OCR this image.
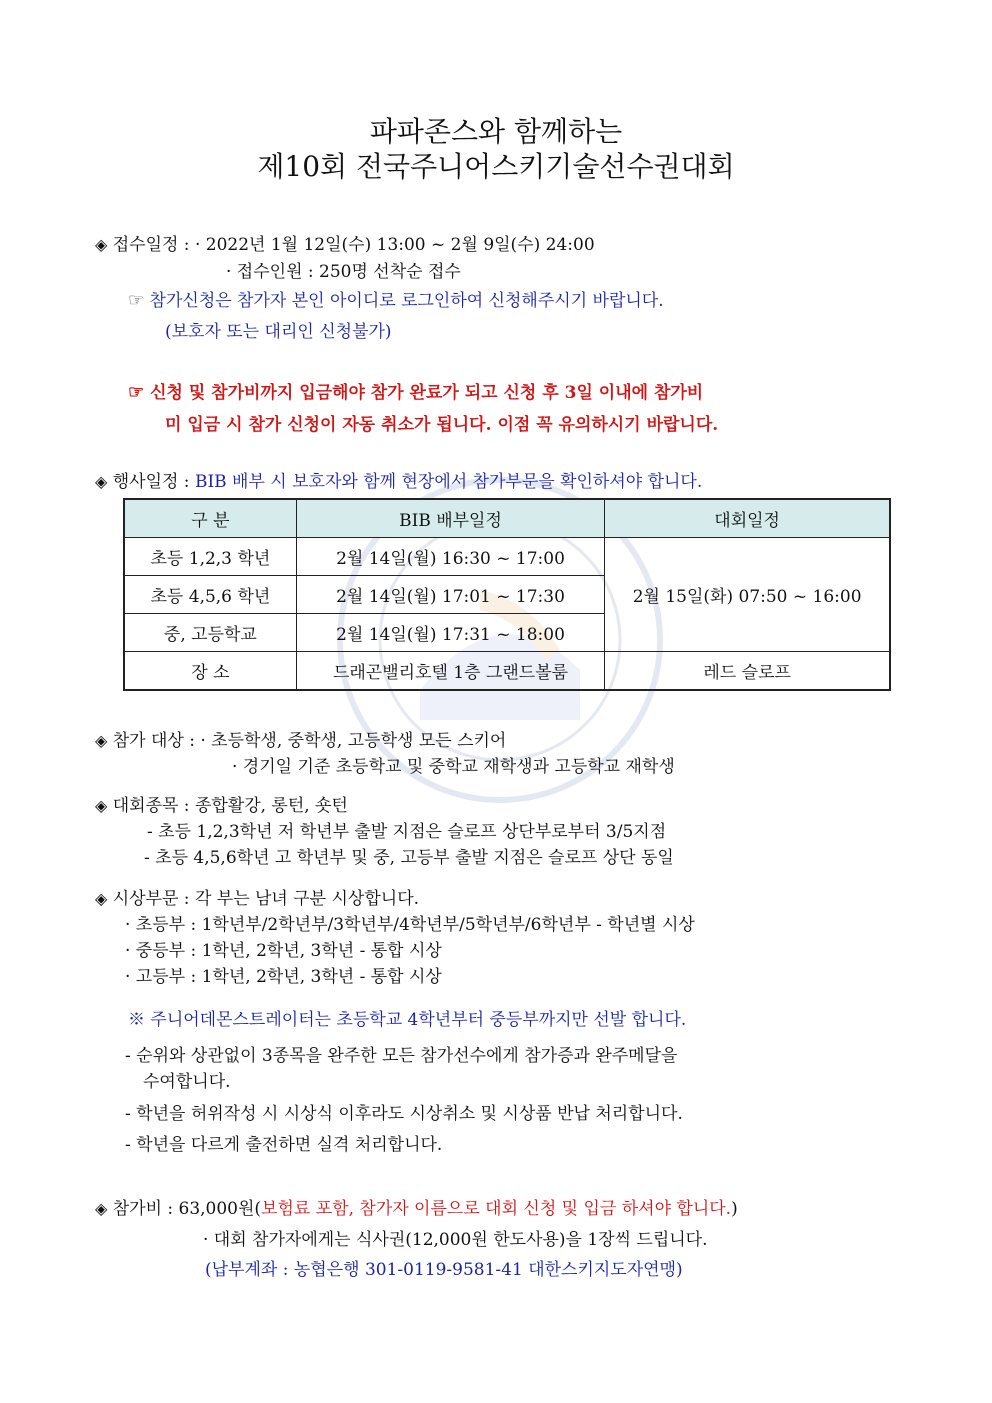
파파존스와 함께하는
제10회 전국주니어스키기술선수권대회
◈ 접수일정 : · 2022년 1월 12일(수) 13:00 ~ 2월 9일(수) 24:00
· 접수인원 : 250명 선착순 접수
☞ 참가신청은 참가자 본인 아이디로 로그인하여 신청해주시기 바랍니다.
(보호자 또는 대리인 신청불가)
☞ 신청 및 참가비까지 입금해야 참가 완료가 되고 신청 후 3일 이내에 참가비
미 입금 시 참가 신청이 자동 취소가 됩니다. 이점 꼭 유의하시기 바랍니다.
◈ 행사일정 : BIB 배부 시 보호자와 함께 현장에서 참가부문을 확인하셔야 합니다.
구 분	BIB 배부일정	대회일정
초등 1,2,3 학년	2월 14일(월) 16:30 ~ 17:00	2월 15일(화) 07:50 ~ 16:00
초등 4,5,6 학년	2월 14일(월) 17:01 ~ 17:30	
중, 고등학교	2월 14일(월) 17:31 ~ 18:00	
장 소	드래곤밸리호텔 1층 그랜드볼룸	레드 슬로프
◈ 참가 대상 : · 초등학생, 중학생, 고등학생 모든 스키어
· 경기일 기준 초등학교 및 중학교 재학생과 고등학교 재학생
◈ 대회종목 : 종합활강, 롱턴, 숏턴
- 초등 1,2,3학년 저 학년부 출발 지점은 슬로프 상단부로부터 3/5지점
- 초등 4,5,6학년 고 학년부 및 중, 고등부 출발 지점은 슬로프 상단 동일
◈ 시상부문 : 각 부는 남녀 구분 시상합니다.
· 초등부 : 1학년부/2학년부/3학년부/4학년부/5학년부/6학년부 - 학년별 시상
· 중등부 : 1학년, 2학년, 3학년 - 통합 시상
· 고등부 : 1학년, 2학년, 3학년 - 통합 시상
※ 주니어데몬스트레이터는 초등학교 4학년부터 중등부까지만 선발 합니다.
- 순위와 상관없이 3종목을 완주한 모든 참가선수에게 참가증과 완주메달을
수여합니다.
- 학년을 허위작성 시 시상식 이후라도 시상취소 및 시상품 반납 처리합니다.
- 학년을 다르게 출전하면 실격 처리합니다.
◈ 참가비 : 63,000원(보험료 포함, 참가자 이름으로 대회 신청 및 입금 하셔야 합니다.)
· 대회 참가자에게는 식사권(12,000원 한도사용)을 1장씩 드립니다.
(납부계좌 : 농협은행 301-0119-9581-41 대한스키지도자연맹)
